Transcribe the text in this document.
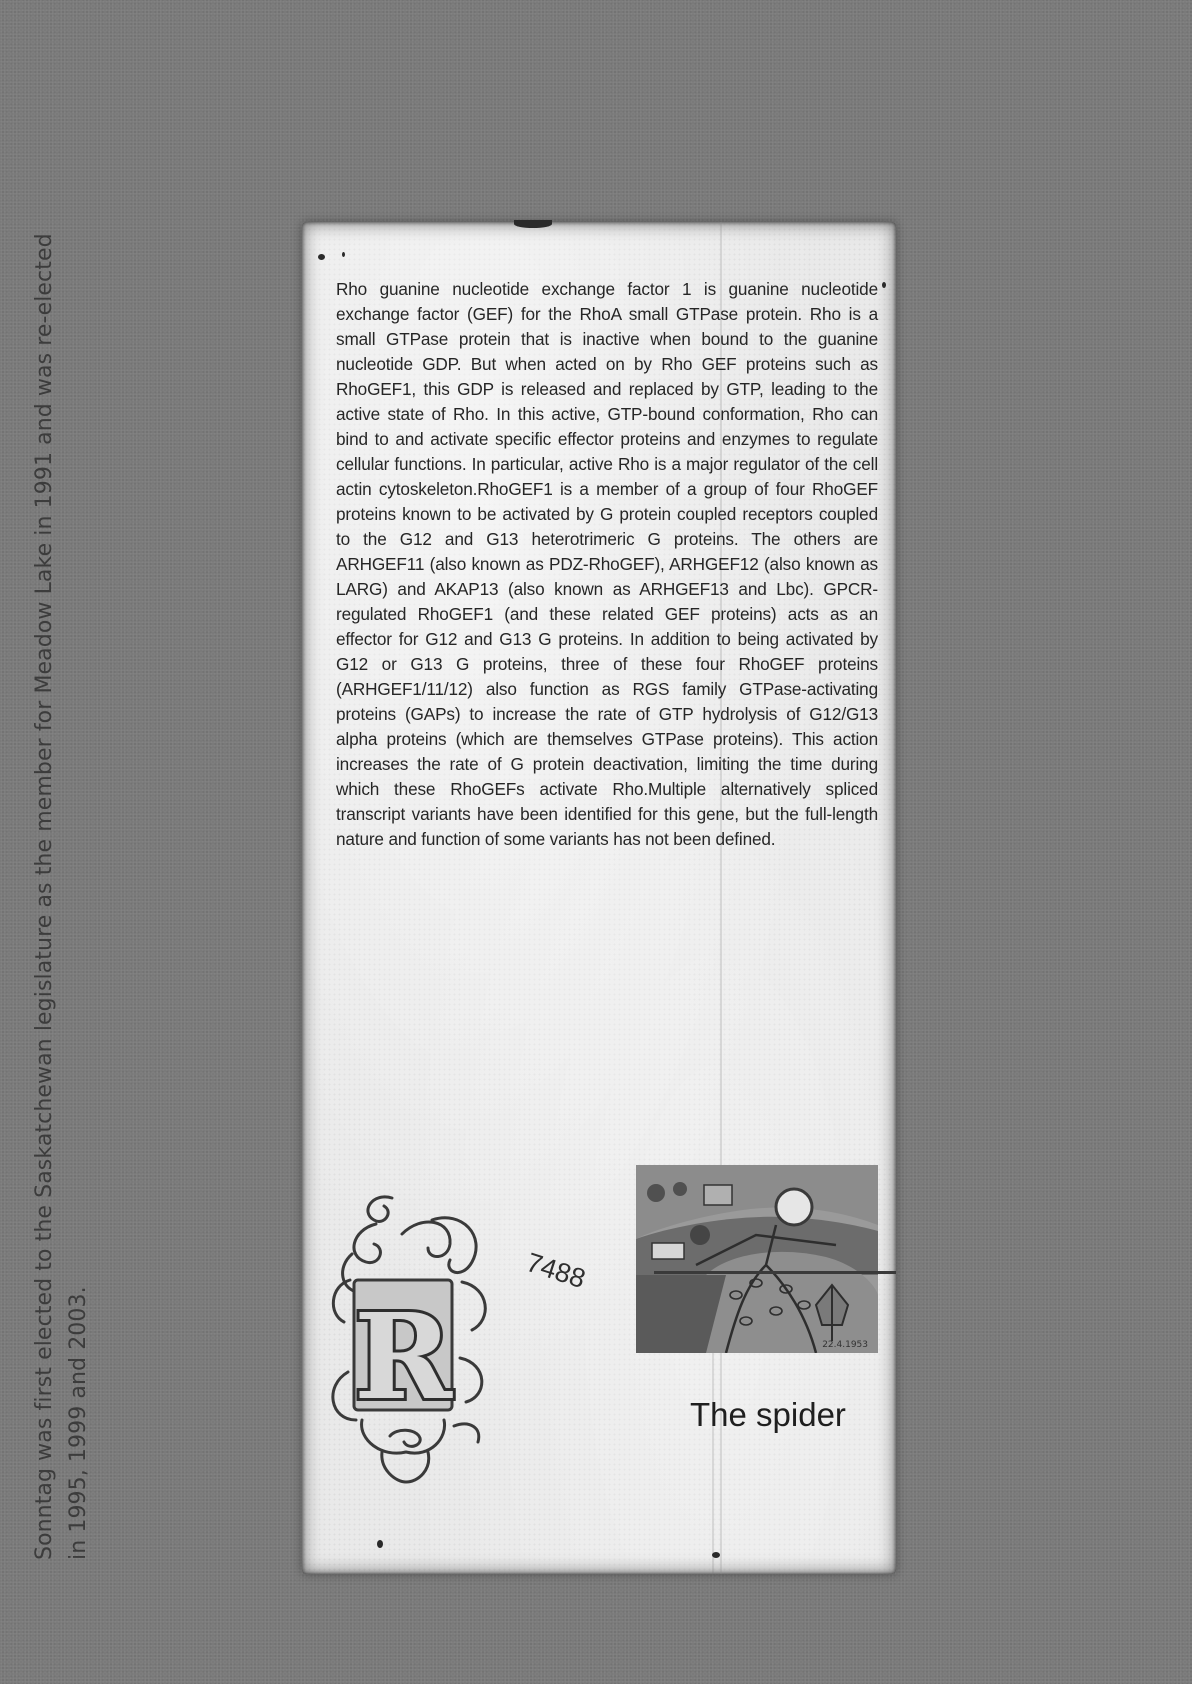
Sonntag was first elected to the Saskatchewan legislature as the member for Meadow Lake in 1991 and was re-elected in 1995, 1999 and 2003.

Rho guanine nucleotide exchange factor 1 is guanine nucleotide exchange factor (GEF) for the RhoA small GTPase protein. Rho is a small GTPase protein that is inactive when bound to the guanine nucleotide GDP. But when acted on by Rho GEF proteins such as RhoGEF1, this GDP is released and replaced by GTP, leading to the active state of Rho. In this active, GTP-bound conformation, Rho can bind to and activate specific effector proteins and enzymes to regulate cellular functions. In particular, active Rho is a major regulator of the cell actin cytoskeleton.RhoGEF1 is a member of a group of four RhoGEF proteins known to be activated by G protein coupled receptors coupled to the G12 and G13 heterotrimeric G proteins. The others are ARHGEF11 (also known as PDZ-RhoGEF), ARHGEF12 (also known as LARG) and AKAP13 (also known as ARHGEF13 and Lbc). GPCR-regulated RhoGEF1 (and these related GEF proteins) acts as an effector for G12 and G13 G proteins. In addition to being activated by G12 or G13 G proteins, three of these four RhoGEF proteins (ARHGEF1/11/12) also function as RGS family GTPase-activating proteins (GAPs) to increase the rate of GTP hydrolysis of G12/G13 alpha proteins (which are themselves GTPase proteins). This action increases the rate of G protein deactivation, limiting the time during which these RhoGEFs activate Rho.Multiple alternatively spliced transcript variants have been identified for this gene, but the full-length nature and function of some variants has not been defined.

R
7488
22.4.1953
The spider
